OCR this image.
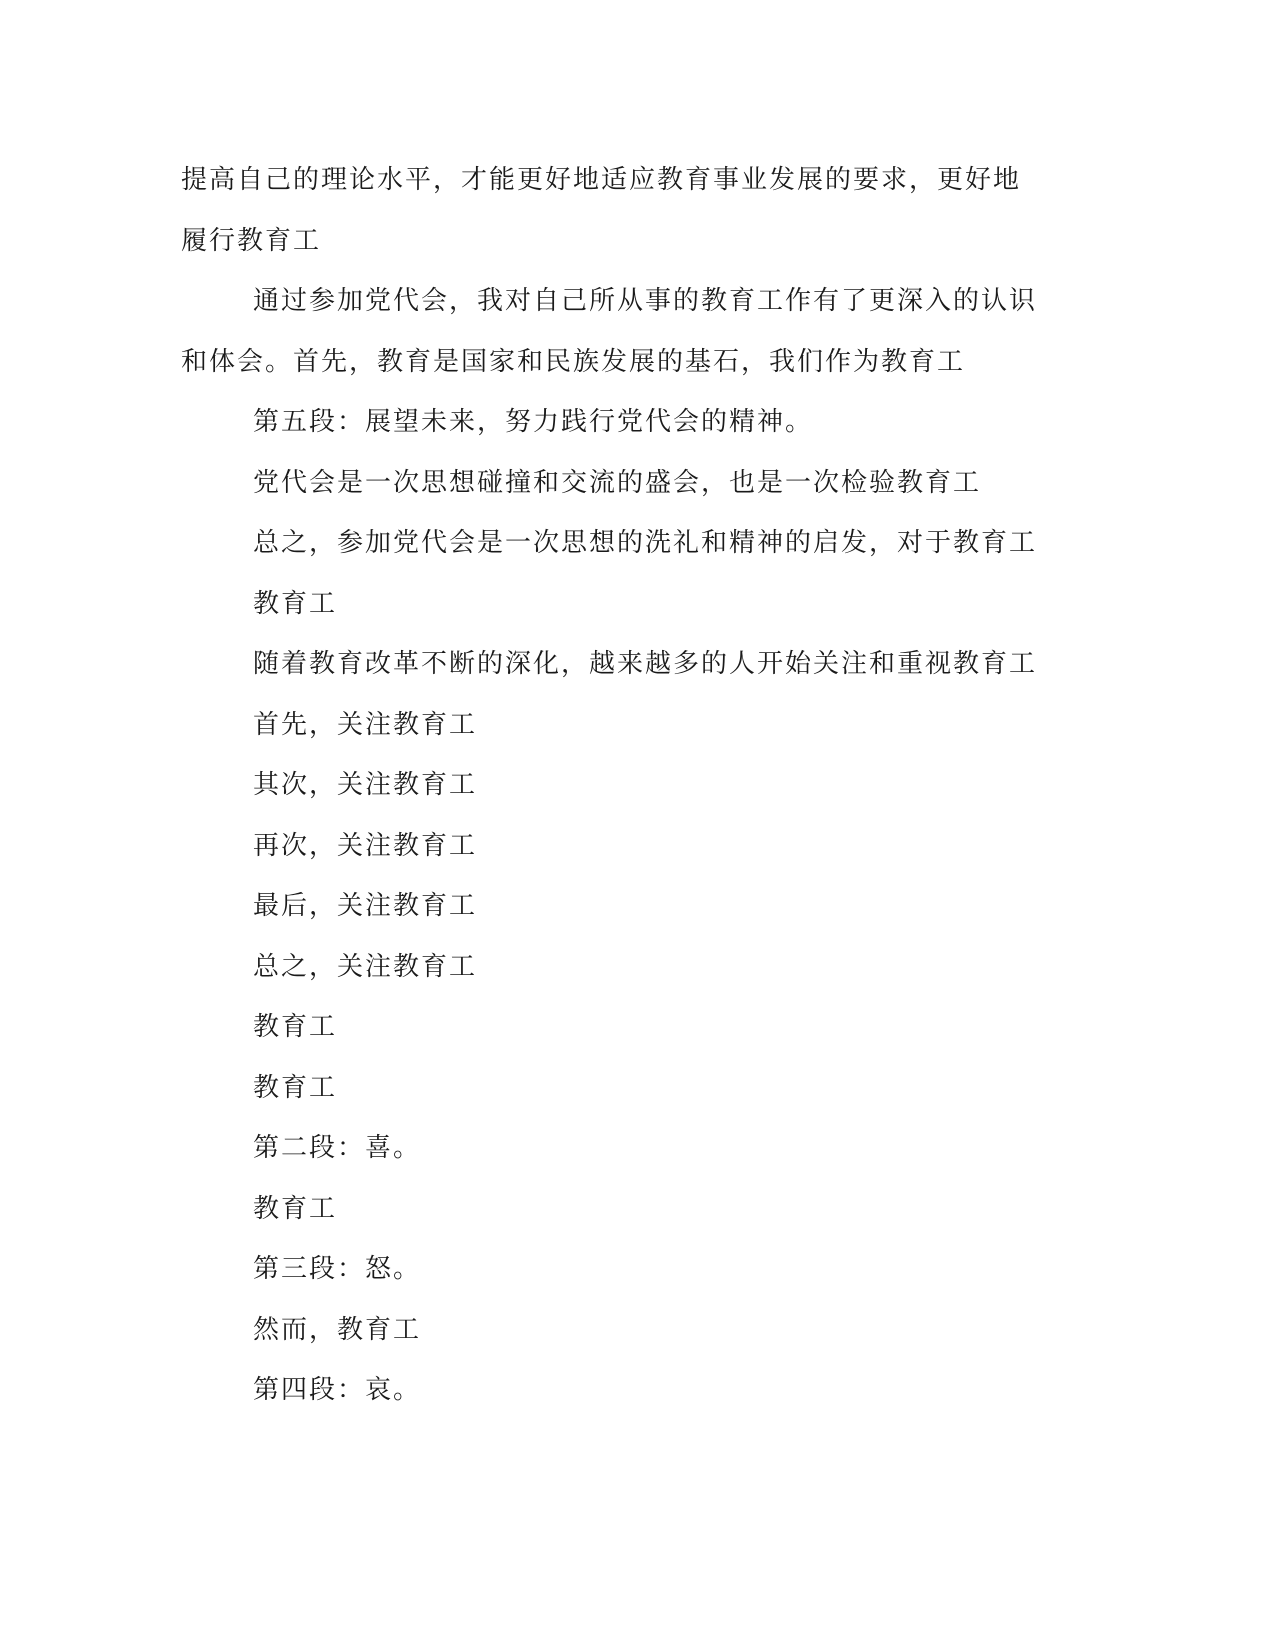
提高自己的理论水平，才能更好地适应教育事业发展的要求，更好地

履行教育工

通过参加党代会，我对自己所从事的教育工作有了更深入的认识

和体会。首先，教育是国家和民族发展的基石，我们作为教育工

第五段：展望未来，努力践行党代会的精神。

党代会是一次思想碰撞和交流的盛会，也是一次检验教育工

总之，参加党代会是一次思想的洗礼和精神的启发，对于教育工

教育工

随着教育改革不断的深化，越来越多的人开始关注和重视教育工

首先，关注教育工

其次，关注教育工

再次，关注教育工

最后，关注教育工

总之，关注教育工

教育工

教育工

第二段：喜。

教育工

第三段：怒。

然而，教育工

第四段：哀。
